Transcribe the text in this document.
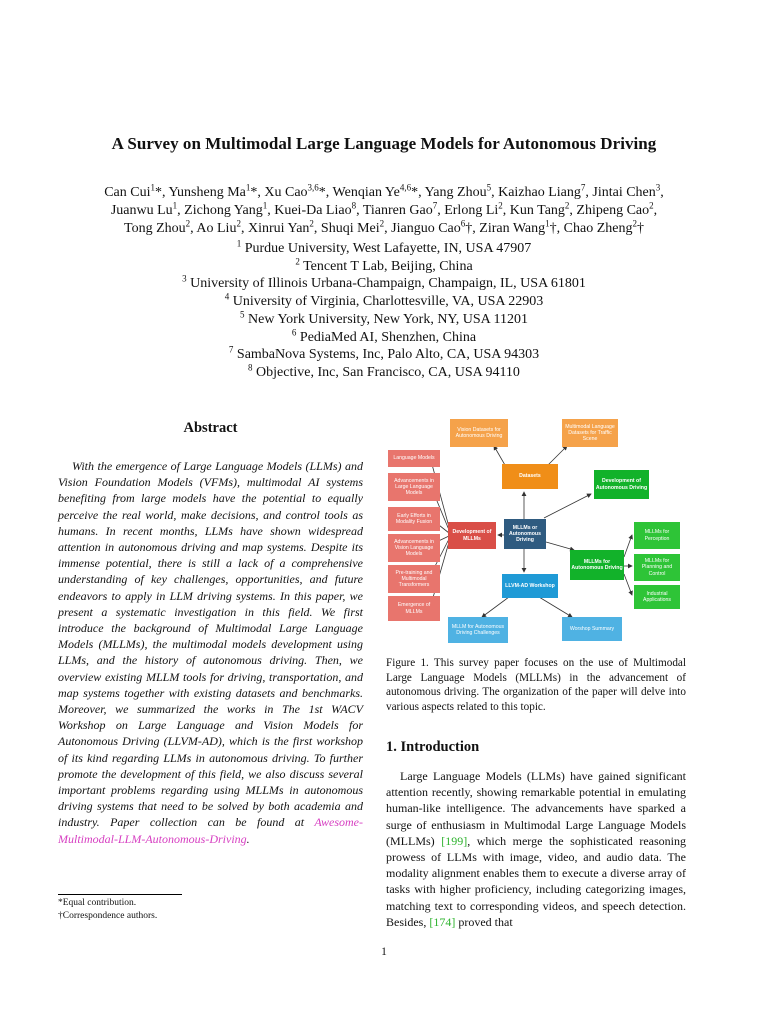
A Survey on Multimodal Large Language Models for Autonomous Driving
Can Cui$^1$*, Yunsheng Ma$^1$*, Xu Cao$^{3,6}$*, Wenqian Ye$^{4,6}$*, Yang Zhou$^5$, Kaizhao Liang$^7$, Jintai Chen$^3$,
Juanwu Lu$^1$, Zichong Yang$^1$, Kuei-Da Liao$^8$, Tianren Gao$^7$, Erlong Li$^2$, Kun Tang$^2$, Zhipeng Cao$^2$,
Tong Zhou$^2$, Ao Liu$^2$, Xinrui Yan$^2$, Shuqi Mei$^2$, Jianguo Cao$^6$†, Ziran Wang$^1$†, Chao Zheng$^2$†
$^1$ Purdue University, West Lafayette, IN, USA 47907
$^2$ Tencent T Lab, Beijing, China
$^3$ University of Illinois Urbana-Champaign, Champaign, IL, USA 61801
$^4$ University of Virginia, Charlottesville, VA, USA 22903
$^5$ New York University, New York, NY, USA 11201
$^6$ PediaMed AI, Shenzhen, China
$^7$ SambaNova Systems, Inc, Palo Alto, CA, USA 94303
$^8$ Objective, Inc, San Francisco, CA, USA 94110
Abstract

With the emergence of Large Language Models (LLMs) and Vision Foundation Models (VFMs), multimodal AI systems benefiting from large models have the potential to equally perceive the real world, make decisions, and control tools as humans. In recent months, LLMs have shown widespread attention in autonomous driving and map systems. Despite its immense potential, there is still a lack of a comprehensive understanding of key challenges, opportunities, and future endeavors to apply in LLM driving systems. In this paper, we present a systematic investigation in this field. We first introduce the background of Multimodal Large Language Models (MLLMs), the multimodal models development using LLMs, and the history of autonomous driving. Then, we overview existing MLLM tools for driving, transportation, and map systems together with existing datasets and benchmarks. Moreover, we summarized the works in The 1st WACV Workshop on Large Language and Vision Models for Autonomous Driving (LLVM-AD), which is the first workshop of its kind regarding LLMs in autonomous driving. To further promote the development of this field, we also discuss several important problems regarding using MLLMs in autonomous driving systems that need to be solved by both academia and industry. Paper collection can be found at Awesome-Multimodal-LLM-Autonomous-Driving.

*Equal contribution.
†Correspondence authors.
1
Vision Datasets for Autonomous Driving
Multimodal Language Datasets for Traffic Scene
Datasets
Development of Autonomous Driving
Language Models
Advancements in Large Language Models
Early Efforts in Modality Fusion
Advancements in Vision Language Models
Pre-training and Multimodal Transformers
Emergence of MLLMs
Development of MLLMs
MLLMs or Autonomous Driving
MLLMs for Autonomous Driving
MLLMs for Perception
MLLMs for Planning and Control
Industrial Applications
LLVM-AD Workshop
MLLM for Autonomous Driving Challenges
Worshop Summary

Figure 1. This survey paper focuses on the use of Multimodal Large Language Models (MLLMs) in the advancement of autonomous driving. The organization of the paper will delve into various aspects related to this topic.

1. Introduction

Large Language Models (LLMs) have gained significant attention recently, showing remarkable potential in emulating human-like intelligence. The advancements have sparked a surge of enthusiasm in Multimodal Large Language Models (MLLMs) [199], which merge the sophisticated reasoning prowess of LLMs with image, video, and audio data. The modality alignment enables them to execute a diverse array of tasks with higher proficiency, including categorizing images, matching text to corresponding videos, and speech detection. Besides, [174] proved that
